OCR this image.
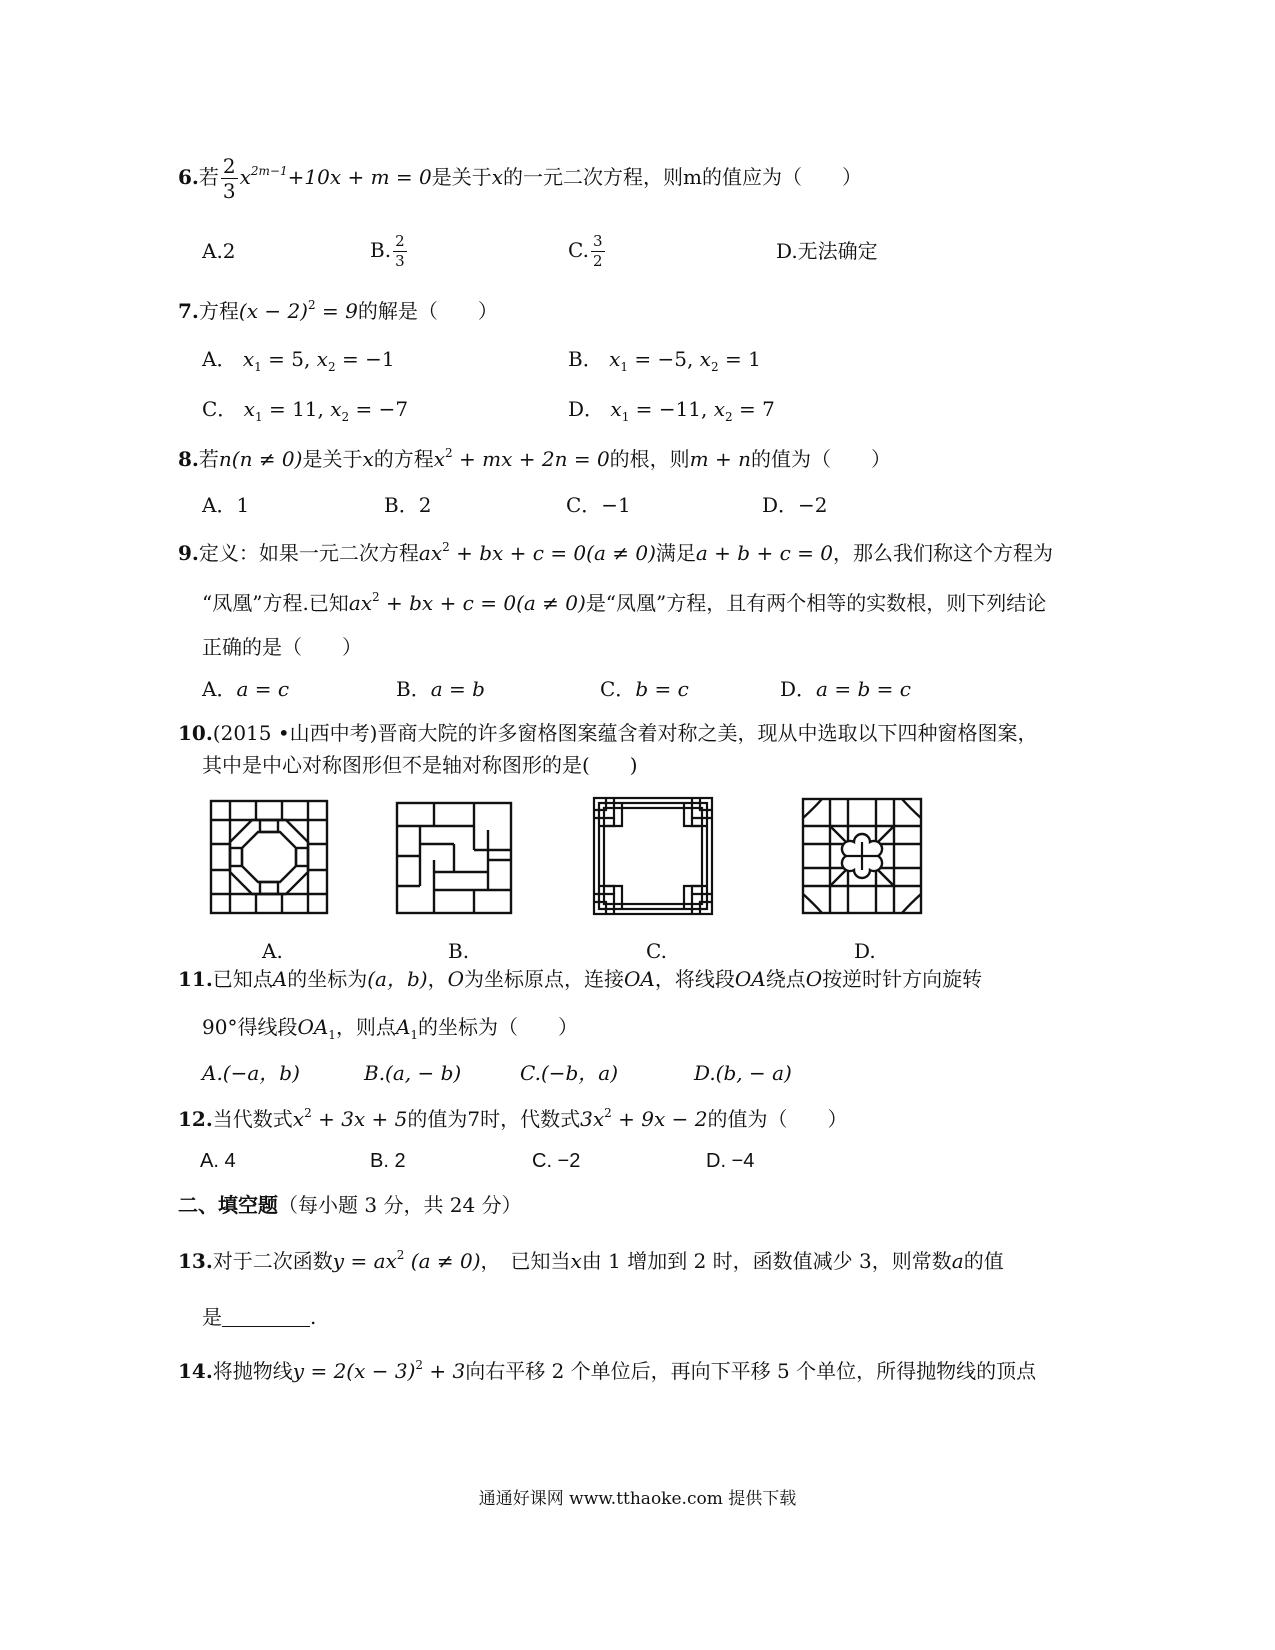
6.若 $\frac{2}{3} x^{2m-1}+10x + m = 0$是关于x的一元二次方程，则m的值应为（　　）
A.2	B. $\frac{2}{3}$	C. $\frac{3}{2}$	D.无法确定
7.方程$(x - 2)^2 = 9$的解是（　　）
A． $x_1 = 5$, $x_2 = -1$	B． $x_1 = -5$, $x_2 = 1$
C． $x_1 = 11$, $x_2 = -7$	D． $x_1 = -11$, $x_2 = 7$
8.若n(n ≠ 0)是关于x的方程$x^2$ + mx + 2n = 0的根，则m + n的值为（　　）
A．1	B．2	C．−1	D．−2
9.定义：如果一元二次方程$ax^2$ + bx + c = 0(a ≠ 0)满足a + b + c = 0，那么我们称这个方程为
“凤凰”方程.已知$ax^2$ + bx + c = 0(a ≠ 0)是“凤凰”方程，且有两个相等的实数根，则下列结论
正确的是（　　）
A．a = c	B．a = b	C．b = c	D．a = b = c
10.(2015 •山西中考)晋商大院的许多窗格图案蕴含着对称之美，现从中选取以下四种窗格图案，
其中是中心对称图形但不是轴对称图形的是(　　)
A.	B.	C.	D.
11.已知点A的坐标为(a，b)，O为坐标原点，连接OA，将线段OA绕点O按逆时针方向旋转
90°得线段$OA_1$，则点$A_1$的坐标为（　　）
A.(−a，b)	B.(a, − b)	C.(−b，a)	D.(b, − a)
12.当代数式$x^2 + 3x + 5$的值为7时，代数式$3x^2 + 9x - 2$的值为（　　）
A. 4	B. 2	C. −2	D. −4
二、填空题（每小题 3 分，共 24 分）
13.对于二次函数$y = ax^2$ (a ≠ 0)，　已知当x由 1 增加到 2 时，函数值减少 3，则常数a的值
是	.
14.将抛物线$y = 2(x - 3)^2 + 3$向右平移 2 个单位后，再向下平移 5 个单位，所得抛物线的顶点
通通好课网 www.tthaoke.com 提供下载
